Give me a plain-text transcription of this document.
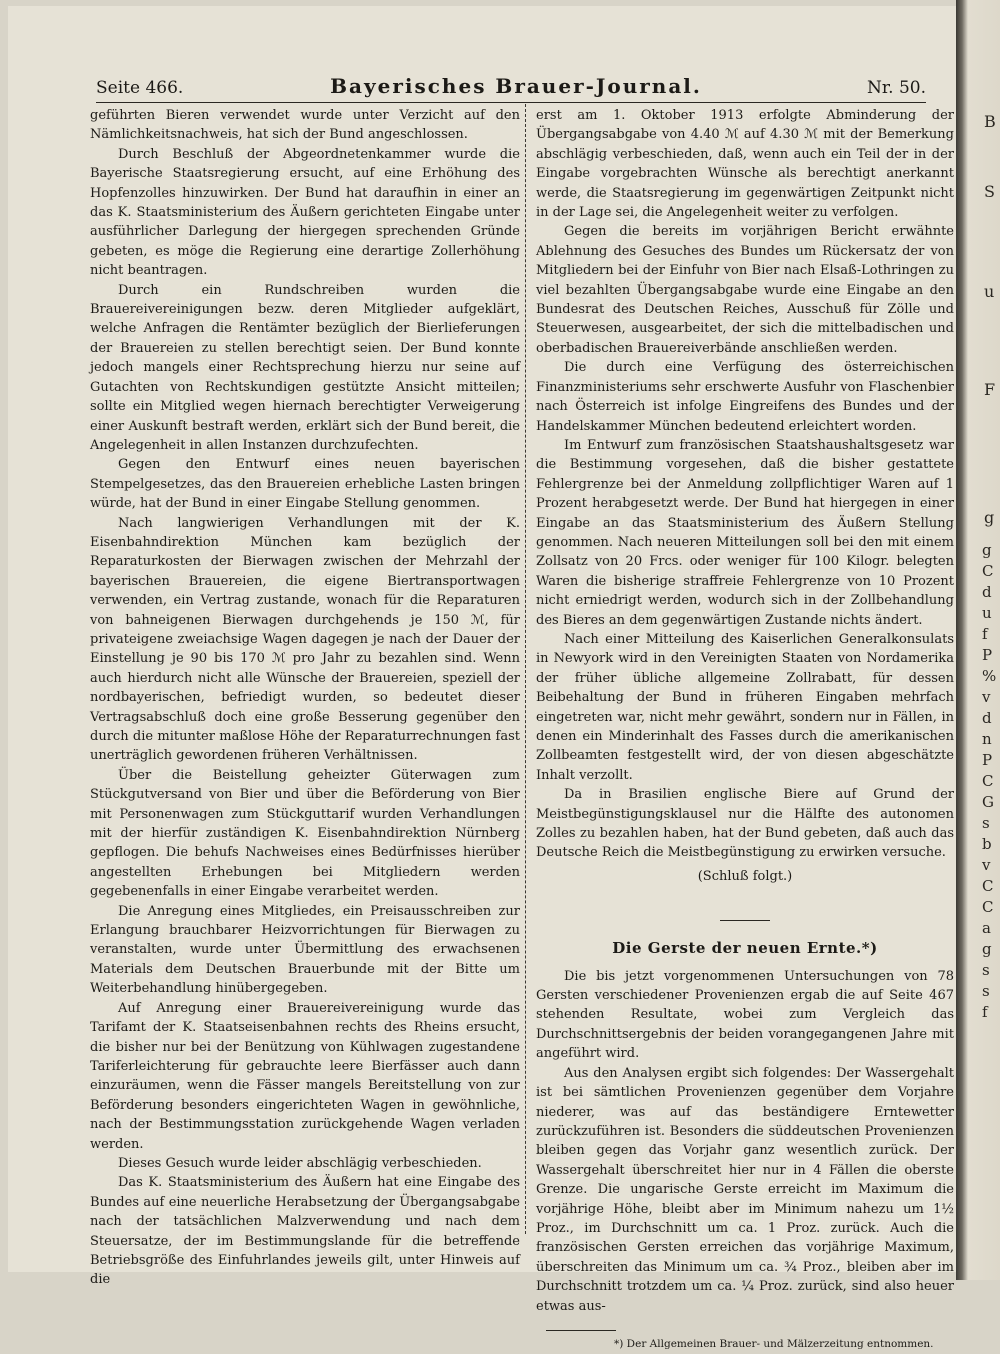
Seite 466.	Bayerisches Brauer-Journal.	Nr. 50.

geführten Bieren verwendet wurde unter Verzicht auf den Nämlichkeitsnachweis, hat sich der Bund angeschlossen.

Durch Beschluß der Abgeordnetenkammer wurde die Bayerische Staatsregierung ersucht, auf eine Erhöhung des Hopfenzolles hinzuwirken. Der Bund hat daraufhin in einer an das K. Staatsministerium des Äußern gerichteten Eingabe unter ausführlicher Darlegung der hiergegen sprechenden Gründe gebeten, es möge die Regierung eine derartige Zollerhöhung nicht beantragen.

Durch ein Rundschreiben wurden die Brauereivereinigungen bezw. deren Mitglieder aufgeklärt, welche Anfragen die Rentämter bezüglich der Bierlieferungen der Brauereien zu stellen berechtigt seien. Der Bund konnte jedoch mangels einer Rechtsprechung hierzu nur seine auf Gutachten von Rechtskundigen gestützte Ansicht mitteilen; sollte ein Mitglied wegen hiernach berechtigter Verweigerung einer Auskunft bestraft werden, erklärt sich der Bund bereit, die Angelegenheit in allen Instanzen durchzufechten.

Gegen den Entwurf eines neuen bayerischen Stempelgesetzes, das den Brauereien erhebliche Lasten bringen würde, hat der Bund in einer Eingabe Stellung genommen.

Nach langwierigen Verhandlungen mit der K. Eisenbahndirektion München kam bezüglich der Reparaturkosten der Bierwagen zwischen der Mehrzahl der bayerischen Brauereien, die eigene Biertransportwagen verwenden, ein Vertrag zustande, wonach für die Reparaturen von bahneigenen Bierwagen durchgehends je 150 ℳ, für privateigene zweiachsige Wagen dagegen je nach der Dauer der Einstellung je 90 bis 170 ℳ pro Jahr zu bezahlen sind. Wenn auch hierdurch nicht alle Wünsche der Brauereien, speziell der nordbayerischen, befriedigt wurden, so bedeutet dieser Vertragsabschluß doch eine große Besserung gegenüber den durch die mitunter maßlose Höhe der Reparaturrechnungen fast unerträglich gewordenen früheren Verhältnissen.

Über die Beistellung geheizter Güterwagen zum Stückgutversand von Bier und über die Beförderung von Bier mit Personenwagen zum Stückguttarif wurden Verhandlungen mit der hierfür zuständigen K. Eisenbahndirektion Nürnberg gepflogen. Die behufs Nachweises eines Bedürfnisses hierüber angestellten Erhebungen bei Mitgliedern werden gegebenenfalls in einer Eingabe verarbeitet werden.

Die Anregung eines Mitgliedes, ein Preisausschreiben zur Erlangung brauchbarer Heizvorrichtungen für Bierwagen zu veranstalten, wurde unter Übermittlung des erwachsenen Materials dem Deutschen Brauerbunde mit der Bitte um Weiterbehandlung hinübergegeben.

Auf Anregung einer Brauereivereinigung wurde das Tarifamt der K. Staatseisenbahnen rechts des Rheins ersucht, die bisher nur bei der Benützung von Kühlwagen zugestandene Tariferleichterung für gebrauchte leere Bierfässer auch dann einzuräumen, wenn die Fässer mangels Bereitstellung von zur Beförderung besonders eingerichteten Wagen in gewöhnliche, nach der Bestimmungsstation zurückgehende Wagen verladen werden.

Dieses Gesuch wurde leider abschlägig verbeschieden.

Das K. Staatsministerium des Äußern hat eine Eingabe des Bundes auf eine neuerliche Herabsetzung der Übergangsabgabe nach der tatsächlichen Malzverwendung und nach dem Steuersatze, der im Bestimmungslande für die betreffende Betriebsgröße des Einfuhrlandes jeweils gilt, unter Hinweis auf die

erst am 1. Oktober 1913 erfolgte Abminderung der Übergangsabgabe von 4.40 ℳ auf 4.30 ℳ mit der Bemerkung abschlägig verbeschieden, daß, wenn auch ein Teil der in der Eingabe vorgebrachten Wünsche als berechtigt anerkannt werde, die Staatsregierung im gegenwärtigen Zeitpunkt nicht in der Lage sei, die Angelegenheit weiter zu verfolgen.

Gegen die bereits im vorjährigen Bericht erwähnte Ablehnung des Gesuches des Bundes um Rückersatz der von Mitgliedern bei der Einfuhr von Bier nach Elsaß-Lothringen zu viel bezahlten Übergangsabgabe wurde eine Eingabe an den Bundesrat des Deutschen Reiches, Ausschuß für Zölle und Steuerwesen, ausgearbeitet, der sich die mittelbadischen und oberbadischen Brauereiverbände anschließen werden.

Die durch eine Verfügung des österreichischen Finanzministeriums sehr erschwerte Ausfuhr von Flaschenbier nach Österreich ist infolge Eingreifens des Bundes und der Handelskammer München bedeutend erleichtert worden.

Im Entwurf zum französischen Staatshaushaltsgesetz war die Bestimmung vorgesehen, daß die bisher gestattete Fehlergrenze bei der Anmeldung zollpflichtiger Waren auf 1 Prozent herabgesetzt werde. Der Bund hat hiergegen in einer Eingabe an das Staatsministerium des Äußern Stellung genommen. Nach neueren Mitteilungen soll bei den mit einem Zollsatz von 20 Frcs. oder weniger für 100 Kilogr. belegten Waren die bisherige straffreie Fehlergrenze von 10 Prozent nicht erniedrigt werden, wodurch sich in der Zollbehandlung des Bieres an dem gegenwärtigen Zustande nichts ändert.

Nach einer Mitteilung des Kaiserlichen Generalkonsulats in Newyork wird in den Vereinigten Staaten von Nordamerika der früher übliche allgemeine Zollrabatt, für dessen Beibehaltung der Bund in früheren Eingaben mehrfach eingetreten war, nicht mehr gewährt, sondern nur in Fällen, in denen ein Minderinhalt des Fasses durch die amerikanischen Zollbeamten festgestellt wird, der von diesen abgeschätzte Inhalt verzollt.

Da in Brasilien englische Biere auf Grund der Meistbegünstigungsklausel nur die Hälfte des autonomen Zolles zu bezahlen haben, hat der Bund gebeten, daß auch das Deutsche Reich die Meistbegünstigung zu erwirken versuche.

(Schluß folgt.)

Die Gerste der neuen Ernte.*)

Die bis jetzt vorgenommenen Untersuchungen von 78 Gersten verschiedener Provenienzen ergab die auf Seite 467 stehenden Resultate, wobei zum Vergleich das Durchschnittsergebnis der beiden vorangegangenen Jahre mit angeführt wird.

Aus den Analysen ergibt sich folgendes: Der Wassergehalt ist bei sämtlichen Provenienzen gegenüber dem Vorjahre niederer, was auf das beständigere Erntewetter zurückzuführen ist. Besonders die süddeutschen Provenienzen bleiben gegen das Vorjahr ganz wesentlich zurück. Der Wassergehalt überschreitet hier nur in 4 Fällen die oberste Grenze. Die ungarische Gerste erreicht im Maximum die vorjährige Höhe, bleibt aber im Minimum nahezu um 1½ Proz., im Durchschnitt um ca. 1 Proz. zurück. Auch die französischen Gersten erreichen das vorjährige Maximum, überschreiten das Minimum um ca. ¾ Proz., bleiben aber im Durchschnitt trotzdem um ca. ¼ Proz. zurück, sind also heuer etwas aus-

*) Der Allgemeinen Brauer- und Mälzerzeitung entnommen.

B
S
u
F
g
g
C
d
u
f
P
%
v
d
n
P
C
G
s
b
v
C
C
a
g
s
s
f
